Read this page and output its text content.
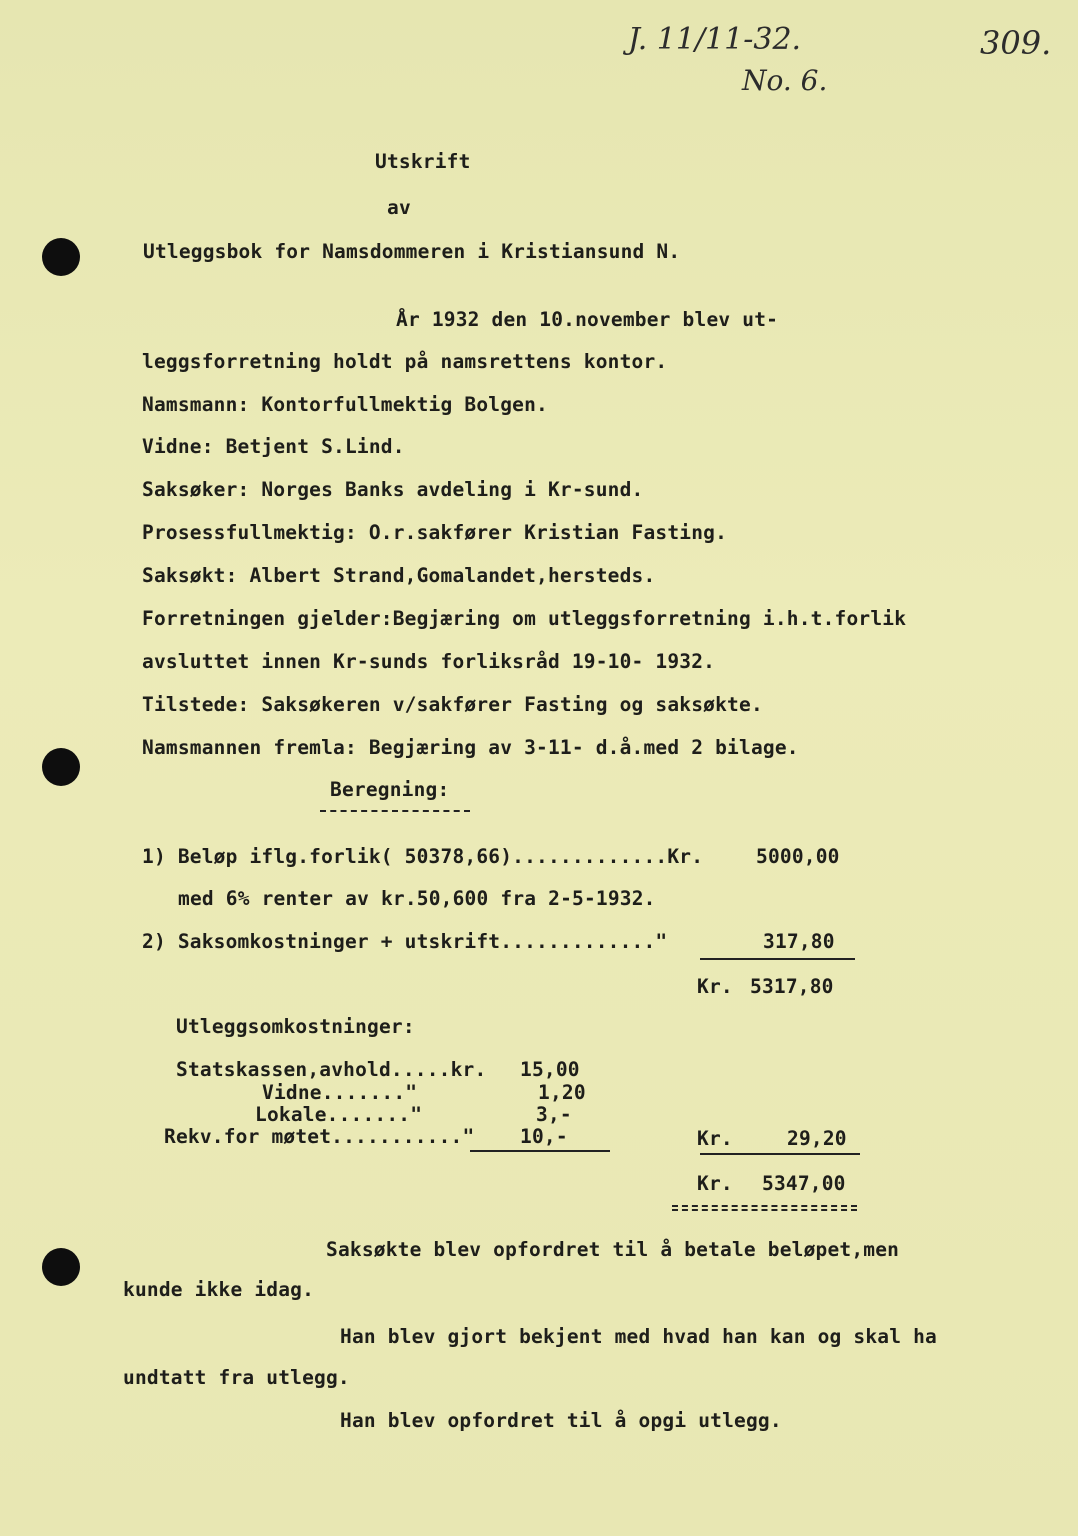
J. 11/11-32.
No. 6.
309.
Utskrift
av
Utleggsbok for Namsdommeren i Kristiansund N.
År 1932 den 10.november blev ut-
leggsforretning holdt på namsrettens kontor.
Namsmann: Kontorfullmektig Bolgen.
Vidne: Betjent S.Lind.
Saksøker: Norges Banks avdeling i Kr-sund.
Prosessfullmektig: O.r.sakfører Kristian Fasting.
Saksøkt: Albert Strand,Gomalandet,hersteds.
Forretningen gjelder:Begjæring om utleggsforretning i.h.t.forlik
avsluttet innen Kr-sunds forliksråd 19-10- 1932.
Tilstede: Saksøkeren v/sakfører Fasting og saksøkte.
Namsmannen fremla: Begjæring av 3-11- d.å.med 2 bilage.
Beregning:
1) Beløp iflg.forlik( 50378,66).............Kr.	5000,00
med 6% renter av kr.50,600 fra 2-5-1932.
2) Saksomkostninger + utskrift............."	317,80
Kr. 5317,80
Utleggsomkostninger:
Statskassen,avhold.....kr. 15,00
Vidne......."	1,20
Lokale......."	3,-
Rekv.for møtet..........." 10,-	Kr.	29,20
Kr. 5347,00
Saksøkte blev opfordret til å betale beløpet,men
kunde ikke idag.
Han blev gjort bekjent med hvad han kan og skal ha
undtatt fra utlegg.
Han blev opfordret til å opgi utlegg.
